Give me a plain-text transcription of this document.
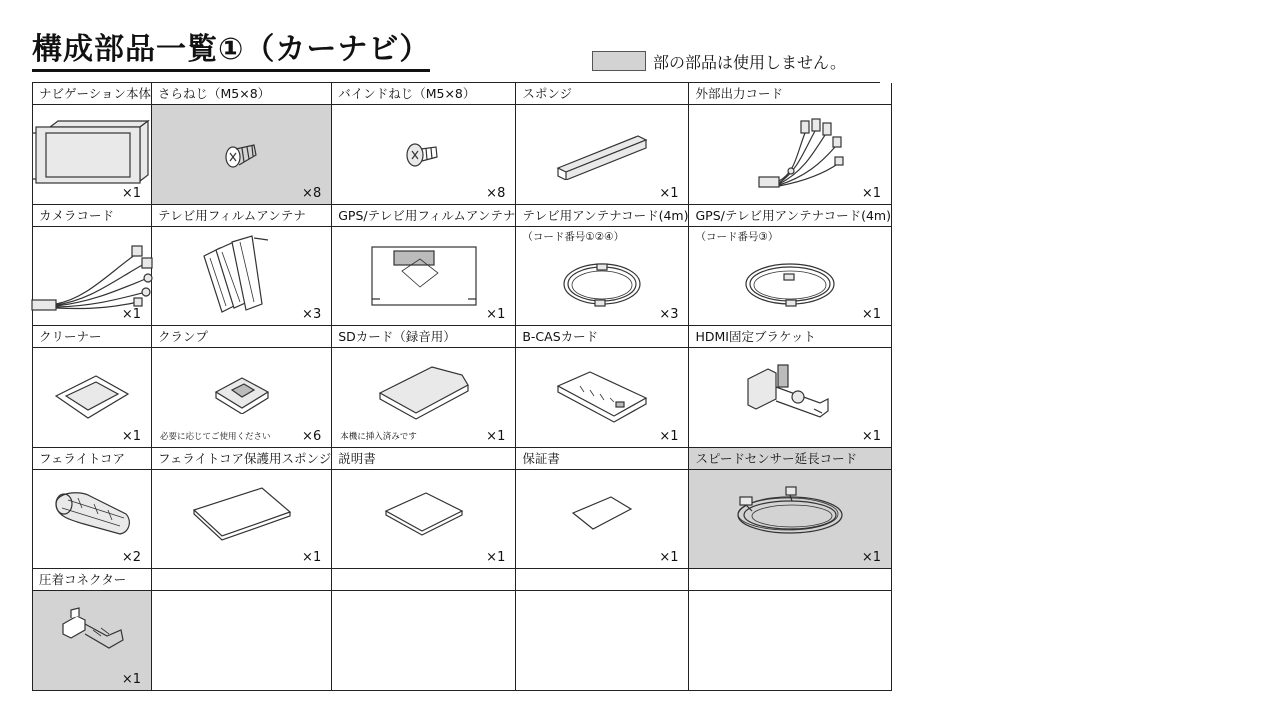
構成部品一覧①（カーナビ）	部の部品は使用しません。
ナビゲーション本体
×1
さらねじ（M5×8）
×8
バインドねじ（M5×8）
×8
スポンジ
×1
外部出力コード
×1
カメラコード
×1
テレビ用フィルムアンテナ
×3
GPS/テレビ用フィルムアンテナ
×1
テレビ用アンテナコード(4m)
（コード番号①②④）
×3
GPS/テレビ用アンテナコード(4m)
（コード番号③）
×1
クリーナー
×1
クランプ
必要に応じてご使用ください ×6
SDカード（録音用）
本機に挿入済みです	×1
B-CASカード
×1
HDMI固定ブラケット
×1
フェライトコア
×2
フェライトコア保護用スポンジ
×1
説明書
×1
保証書
×1
スピードセンサー延長コード
×1
圧着コネクター
×1
